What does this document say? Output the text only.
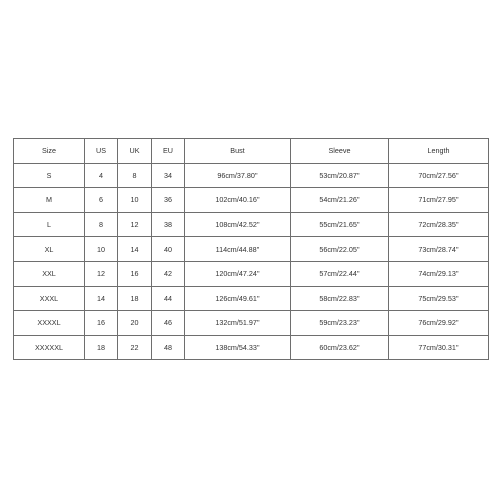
Size	US	UK	EU	Bust	Sleeve	Length
S	4	8	34	96cm/37.80''	53cm/20.87''	70cm/27.56''
M	6	10	36	102cm/40.16''	54cm/21.26''	71cm/27.95''
L	8	12	38	108cm/42.52''	55cm/21.65''	72cm/28.35''
XL	10	14	40	114cm/44.88''	56cm/22.05''	73cm/28.74''
XXL	12	16	42	120cm/47.24''	57cm/22.44''	74cm/29.13''
XXXL	14	18	44	126cm/49.61''	58cm/22.83''	75cm/29.53''
XXXXL	16	20	46	132cm/51.97''	59cm/23.23''	76cm/29.92''
XXXXXL	18	22	48	138cm/54.33''	60cm/23.62''	77cm/30.31''
